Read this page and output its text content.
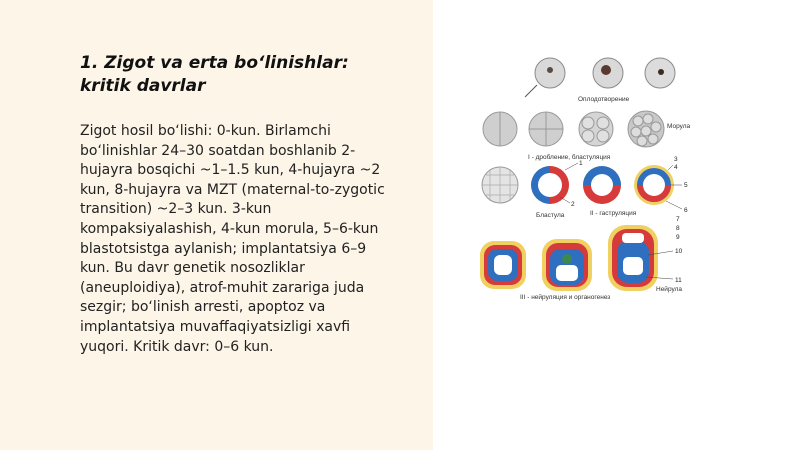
1. Zigot va erta bo‘linishlar: kritik davrlar

Zigot hosil bo‘lishi: 0-kun. Birlamchi bo‘linishlar 24–30 soatdan boshlanib 2-hujayra bosqichi ~1–1.5 kun, 4-hujayra ~2 kun, 8-hujayra va MZT (maternal-to-zygotic transition) ~2–3 kun. 3-kun kompaksiyalashish, 4-kun morula, 5–6-kun blastotsistga aylanish; implantatsiya 6–9 kun. Bu davr genetik nosozliklar (aneuploidiya), atrof-muhit zarariga juda sezgir; bo‘linish arresti, apoptoz va implantatsiya muvaffaqiyatsizligi xavfi yuqori. Kritik davr: 0–6 kun.

Оплодотворение
Морула
I - дробление, бластуляция
Бластула	II - гаструляция
III - нейруляция и органогенез
Нейрула
1
2
3
4
5
6
7
8
9
10
11
